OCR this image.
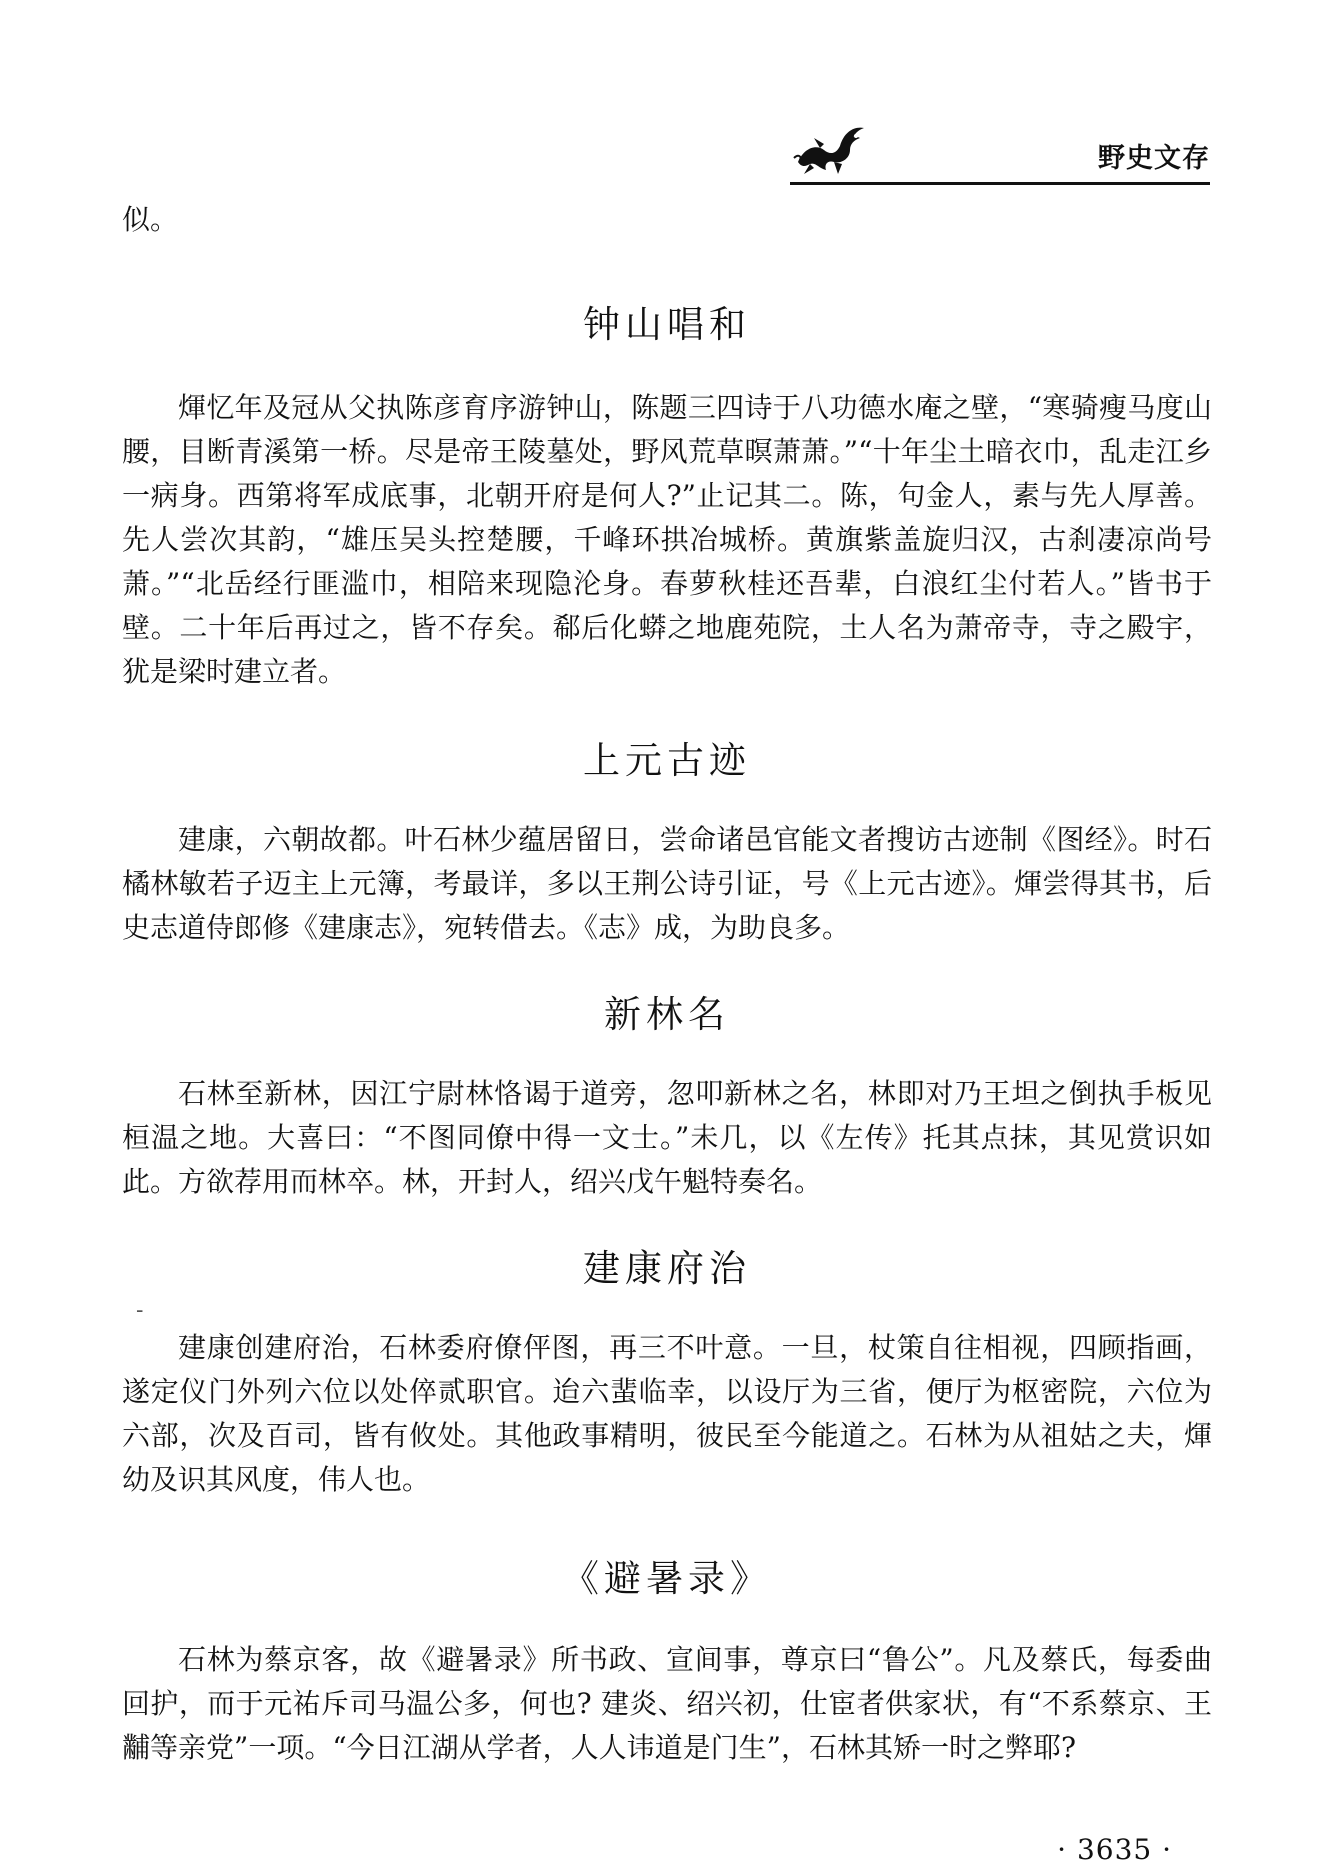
野史文存

似。

钟山唱和

煇忆年及冠从父执陈彦育序游钟山，陈题三四诗于八功德水庵之壁，“寒骑瘦马度山腰，目断青溪第一桥。尽是帝王陵墓处，野风荒草暝萧萧。”“十年尘土暗衣巾，乱走江乡一病身。西第将军成底事，北朝开府是何人?”止记其二。陈，句金人，素与先人厚善。先人尝次其韵，“雄压吴头控楚腰，千峰环拱冶城桥。黄旗紫盖旋归汉，古刹凄凉尚号萧。”“北岳经行匪滥巾，相陪来现隐沦身。春萝秋桂还吾辈，白浪红尘付若人。”皆书于壁。二十年后再过之，皆不存矣。郗后化蟒之地鹿苑院，土人名为萧帝寺，寺之殿宇，犹是梁时建立者。

上元古迹

建康，六朝故都。叶石林少蕴居留日，尝命诸邑官能文者搜访古迹制《图经》。时石橘林敏若子迈主上元簿，考最详，多以王荆公诗引证，号《上元古迹》。煇尝得其书，后史志道侍郎修《建康志》，宛转借去。《志》成，为助良多。

新林名

石林至新林，因江宁尉林恪谒于道旁，忽叩新林之名，林即对乃王坦之倒执手板见桓温之地。大喜曰：“不图同僚中得一文士。”未几，以《左传》托其点抹，其见赏识如此。方欲荐用而林卒。林，开封人，绍兴戊午魁特奏名。

建康府治

建康创建府治，石林委府僚伻图，再三不叶意。一旦，杖策自往相视，四顾指画，遂定仪门外列六位以处倅贰职官。迨六蜚临幸，以设厅为三省，便厅为枢密院，六位为六部，次及百司，皆有攸处。其他政事精明，彼民至今能道之。石林为从祖姑之夫，煇幼及识其风度，伟人也。

《避暑录》

石林为蔡京客，故《避暑录》所书政、宣间事，尊京曰“鲁公”。凡及蔡氏，每委曲回护，而于元祐斥司马温公多，何也? 建炎、绍兴初，仕宦者供家状，有“不系蔡京、王黼等亲党”一项。“今日江湖从学者，人人讳道是门生”，石林其矫一时之弊耶?

-
· 3635 ·
